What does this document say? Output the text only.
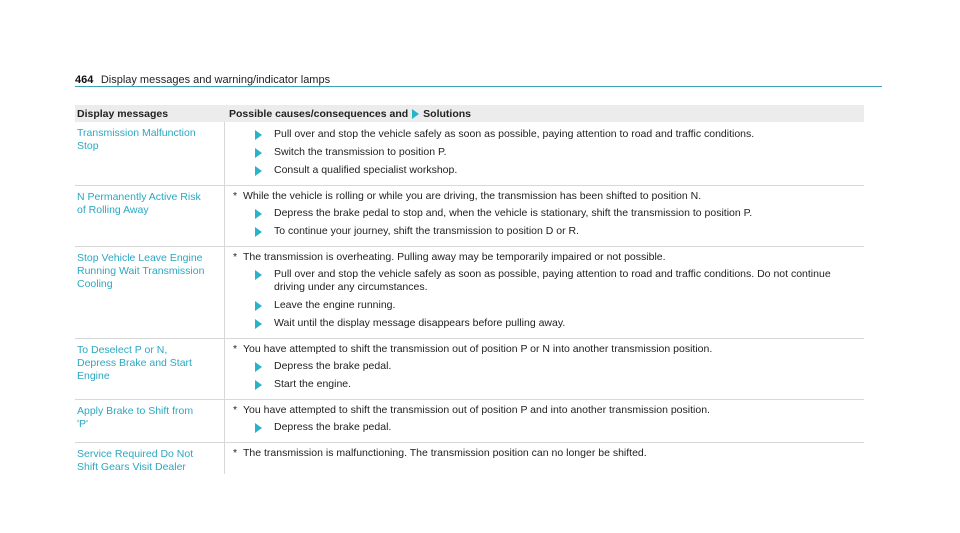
464 Display messages and warning/indicator lamps
Display messages	Possible causes/consequences and Solutions
Transmission Malfunction
Stop
Pull over and stop the vehicle safely as soon as possible, paying attention to road and traffic conditions.
Switch the transmission to position P.
Consult a qualified specialist workshop.
N Permanently Active Risk
of Rolling Away
* While the vehicle is rolling or while you are driving, the transmission has been shifted to position N.
Depress the brake pedal to stop and, when the vehicle is stationary, shift the transmission to position P.
To continue your journey, shift the transmission to position D or R.
Stop Vehicle Leave Engine
Running Wait Transmission
Cooling
* The transmission is overheating. Pulling away may be temporarily impaired or not possible.
Pull over and stop the vehicle safely as soon as possible, paying attention to road and traffic conditions. Do not continue driving under any circumstances.
Leave the engine running.
Wait until the display message disappears before pulling away.
To Deselect P or N,
Depress Brake and Start
Engine
* You have attempted to shift the transmission out of position P or N into another transmission position.
Depress the brake pedal.
Start the engine.
Apply Brake to Shift from
'P'
* You have attempted to shift the transmission out of position P and into another transmission position.
Depress the brake pedal.
Service Required Do Not
Shift Gears Visit Dealer
* The transmission is malfunctioning. The transmission position can no longer be shifted.
